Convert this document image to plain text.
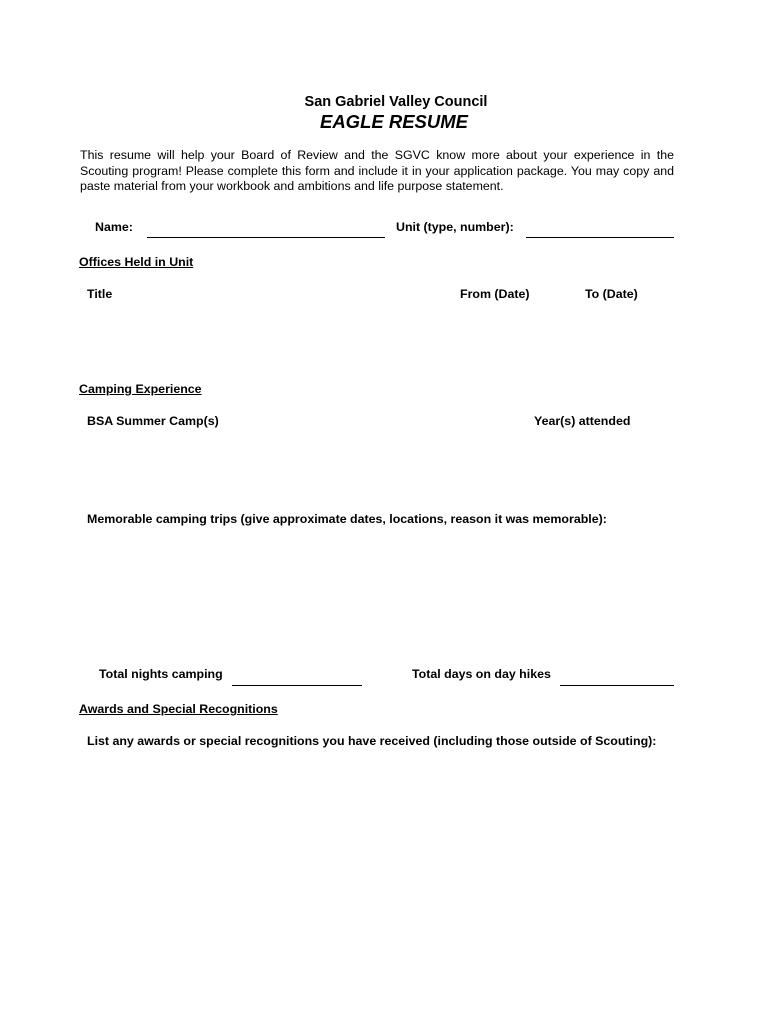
San Gabriel Valley Council
EAGLE RESUME
This resume will help your Board of Review and the SGVC know more about your experience in the Scouting program! Please complete this form and include it in your application package. You may copy and paste material from your workbook and ambitions and life purpose statement.
Name:	Unit (type, number):
Offices Held in Unit
Title	From (Date)	To (Date)
Camping Experience
BSA Summer Camp(s)	Year(s) attended
Memorable camping trips (give approximate dates, locations, reason it was memorable):
Total nights camping	Total days on day hikes
Awards and Special Recognitions
List any awards or special recognitions you have received (including those outside of Scouting):
